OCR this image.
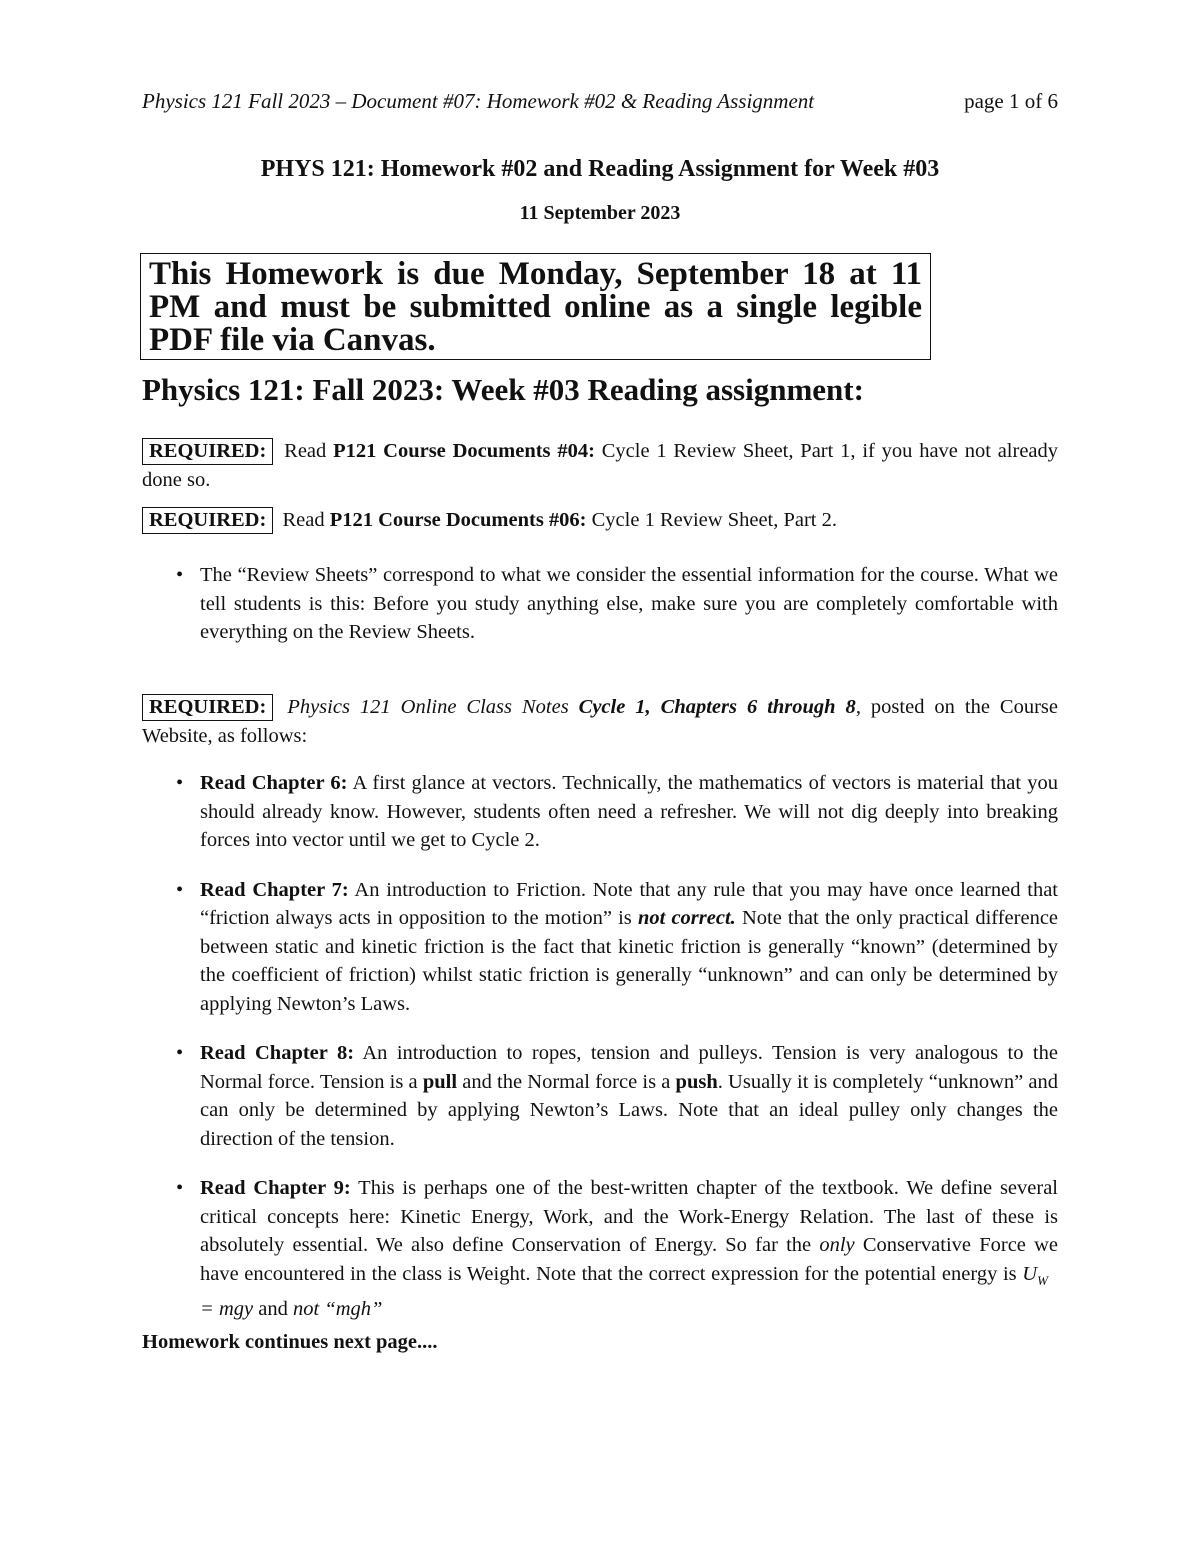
Physics 121 Fall 2023 – Document #07: Homework #02 & Reading Assignment	page 1 of 6
PHYS 121: Homework #02 and Reading Assignment for Week #03
11 September 2023
This Homework is due Monday, September 18 at 11 PM and must be submitted online as a single legible PDF file via Canvas.
Physics 121: Fall 2023: Week #03 Reading assignment:
REQUIRED: Read P121 Course Documents #04: Cycle 1 Review Sheet, Part 1, if you have not already done so.
REQUIRED: Read P121 Course Documents #06: Cycle 1 Review Sheet, Part 2.
• The “Review Sheets” correspond to what we consider the essential information for the course. What we tell students is this: Before you study anything else, make sure you are completely comfortable with everything on the Review Sheets.
REQUIRED: Physics 121 Online Class Notes Cycle 1, Chapters 6 through 8, posted on the Course Website, as follows:
• Read Chapter 6: A first glance at vectors. Technically, the mathematics of vectors is material that you should already know. However, students often need a refresher. We will not dig deeply into breaking forces into vector until we get to Cycle 2.
• Read Chapter 7: An introduction to Friction. Note that any rule that you may have once learned that “friction always acts in opposition to the motion” is not correct. Note that the only practical difference between static and kinetic friction is the fact that kinetic friction is generally “known” (determined by the coefficient of friction) whilst static friction is generally “unknown” and can only be determined by applying Newton’s Laws.
• Read Chapter 8: An introduction to ropes, tension and pulleys. Tension is very analogous to the Normal force. Tension is a pull and the Normal force is a push. Usually it is completely “unknown” and can only be determined by applying Newton’s Laws. Note that an ideal pulley only changes the direction of the tension.
• Read Chapter 9: This is perhaps one of the best-written chapter of the textbook. We define several critical concepts here: Kinetic Energy, Work, and the Work-Energy Relation. The last of these is absolutely essential. We also define Conservation of Energy. So far the only Conservative Force we have encountered in the class is Weight. Note that the correct expression for the potential energy is $U_{W⃗}$ = mgy and not “mgh”
Homework continues next page....
